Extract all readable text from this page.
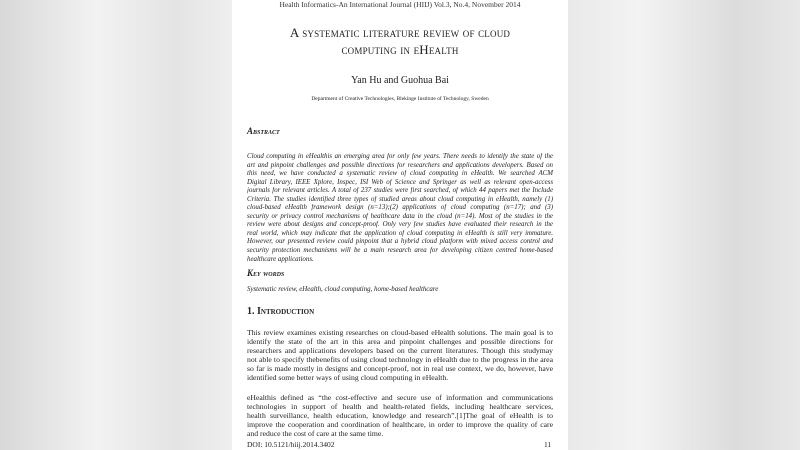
Health Informatics-An International Journal (HIIJ) Vol.3, No.4, November 2014
A systematic literature review of cloud
computing in eHealth
Yan Hu and Guohua Bai
Department of Creative Technologies, Blekinge Institute of Technology, Sweden
Abstract
Cloud computing in eHealthis an emerging area for only few years. There needs to identify the state of the
art and pinpoint challenges and possible directions for researchers and applications developers. Based on
this need, we have conducted a systematic review of cloud computing in eHealth. We searched ACM
Digital Library, IEEE Xplore, Inspec, ISI Web of Science and Springer as well as relevant open-access
journals for relevant articles. A total of 237 studies were first searched, of which 44 papers met the Include
Criteria. The studies identified three types of studied areas about cloud computing in eHealth, namely (1)
cloud-based eHealth framework design (n=13);(2) applications of cloud computing (n=17); and (3)
security or privacy control mechanisms of healthcare data in the cloud (n=14). Most of the studies in the
review were about designs and concept-proof. Only very few studies have evaluated their research in the
real world, which may indicate that the application of cloud computing in eHealth is still very immature.
However, our presented review could pinpoint that a hybrid cloud platform with mixed access control and
security protection mechanisms will be a main research area for developing citizen centred home-based
healthcare applications.
Key words
Systematic review, eHealth, cloud computing, home-based healthcare
1. Introduction
This review examines existing researches on cloud-based eHealth solutions. The main goal is to
identify the state of the art in this area and pinpoint challenges and possible directions for
researchers and applications developers based on the current literatures. Though this studymay
not able to specify thebenefits of using cloud technology in eHealth due to the progress in the area
so far is made mostly in designs and concept-proof, not in real use context, we do, however, have
identified some better ways of using cloud computing in eHealth.
eHealthis defined as “the cost-effective and secure use of information and communications
technologies in support of health and health-related fields, including healthcare services,
health surveillance, health education, knowledge and research”.[1]The goal of eHealth is to
improve the cooperation and coordination of healthcare, in order to improve the quality of care
and reduce the cost of care at the same time.
DOI: 10.5121/hiij.2014.3402	11
